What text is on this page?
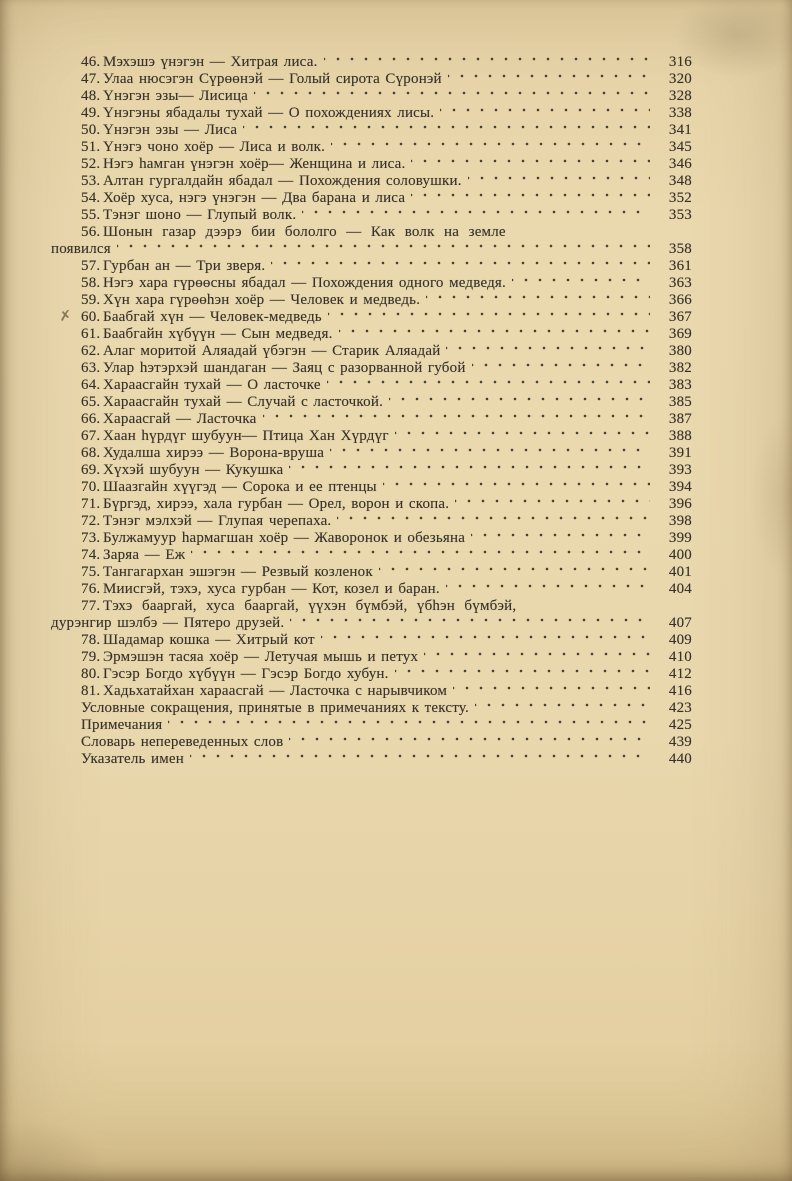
✗
46. Мэхэшэ үнэгэн — Хитрая лиса.	316
47. Улаа нюсэгэн Сүрөөнэй — Голый сирота Сүронэй	320
48. Үнэгэн эзы— Лисица	328
49. Үнэгэны ябадалы тухай — О похождениях лисы.	338
50. Үнэгэн эзы — Лиса	341
51. Үнэгэ чоно хоёр — Лиса и волк.	345
52. Нэгэ һамган үнэгэн хоёр— Женщина и лиса.	346
53. Алтан гургалдайн ябадал — Похождения соловушки.	348
54. Хоёр хуса, нэгэ үнэгэн — Два барана и лиса	352
55. Тэнэг шоно — Глупый волк.	353
56. Шонын газар дээрэ бии бололго — Как волк на земле
появился	358
57. Гурбан ан — Три зверя.	361
58. Нэгэ хара гүрөөсны ябадал — Похождения одного медведя.	363
59. Хүн хара гүрөөһэн хоёр — Человек и медведь.	366
60. Баабгай хүн — Человек-медведь	367
61. Баабгайн хүбүүн — Сын медведя.	369
62. Алаг моритой Аляадай үбэгэн — Старик Аляадай	380
63. Улар һэтэрхэй шандаган — Заяц с разорванной губой	382
64. Хараасгайн тухай — О ласточке	383
65. Хараасгайн тухай — Случай с ласточкой.	385
66. Хараасгай — Ласточка	387
67. Хаан һүрдүг шубуун— Птица Хан Хүрдүг	388
68. Худалша хирээ — Ворона-вруша	391
69. Хүхэй шубуун — Кукушка	393
70. Шаазгайн хүүгэд — Сорока и ее птенцы	394
71. Бүргэд, хирээ, хала гурбан — Орел, ворон и скопа.	396
72. Тэнэг мэлхэй — Глупая черепаха.	398
73. Булжамуур һармагшан хоёр — Жаворонок и обезьяна	399
74. Заряа — Еж	400
75. Тангагархан эшэгэн — Резвый козленок	401
76. Миисгэй, тэхэ, хуса гурбан — Кот, козел и баран.	404
77. Тэхэ бааргай, хуса бааргай, үүхэн бүмбэй, үбһэн бүмбэй,
дурэнгир шэлбэ — Пятеро друзей.	407
78. Шадамар кошка — Хитрый кот	409
79. Эрмэшэн тасяа хоёр — Летучая мышь и петух	410
80. Гэсэр Богдо хүбүүн — Гэсэр Богдо хубун.	412
81. Хадьхатайхан хараасгай — Ласточка с нарывчиком	416
Условные сокращения, принятые в примечаниях к тексту.	423
Примечания	425
Словарь непереведенных слов	439
Указатель имен	440
